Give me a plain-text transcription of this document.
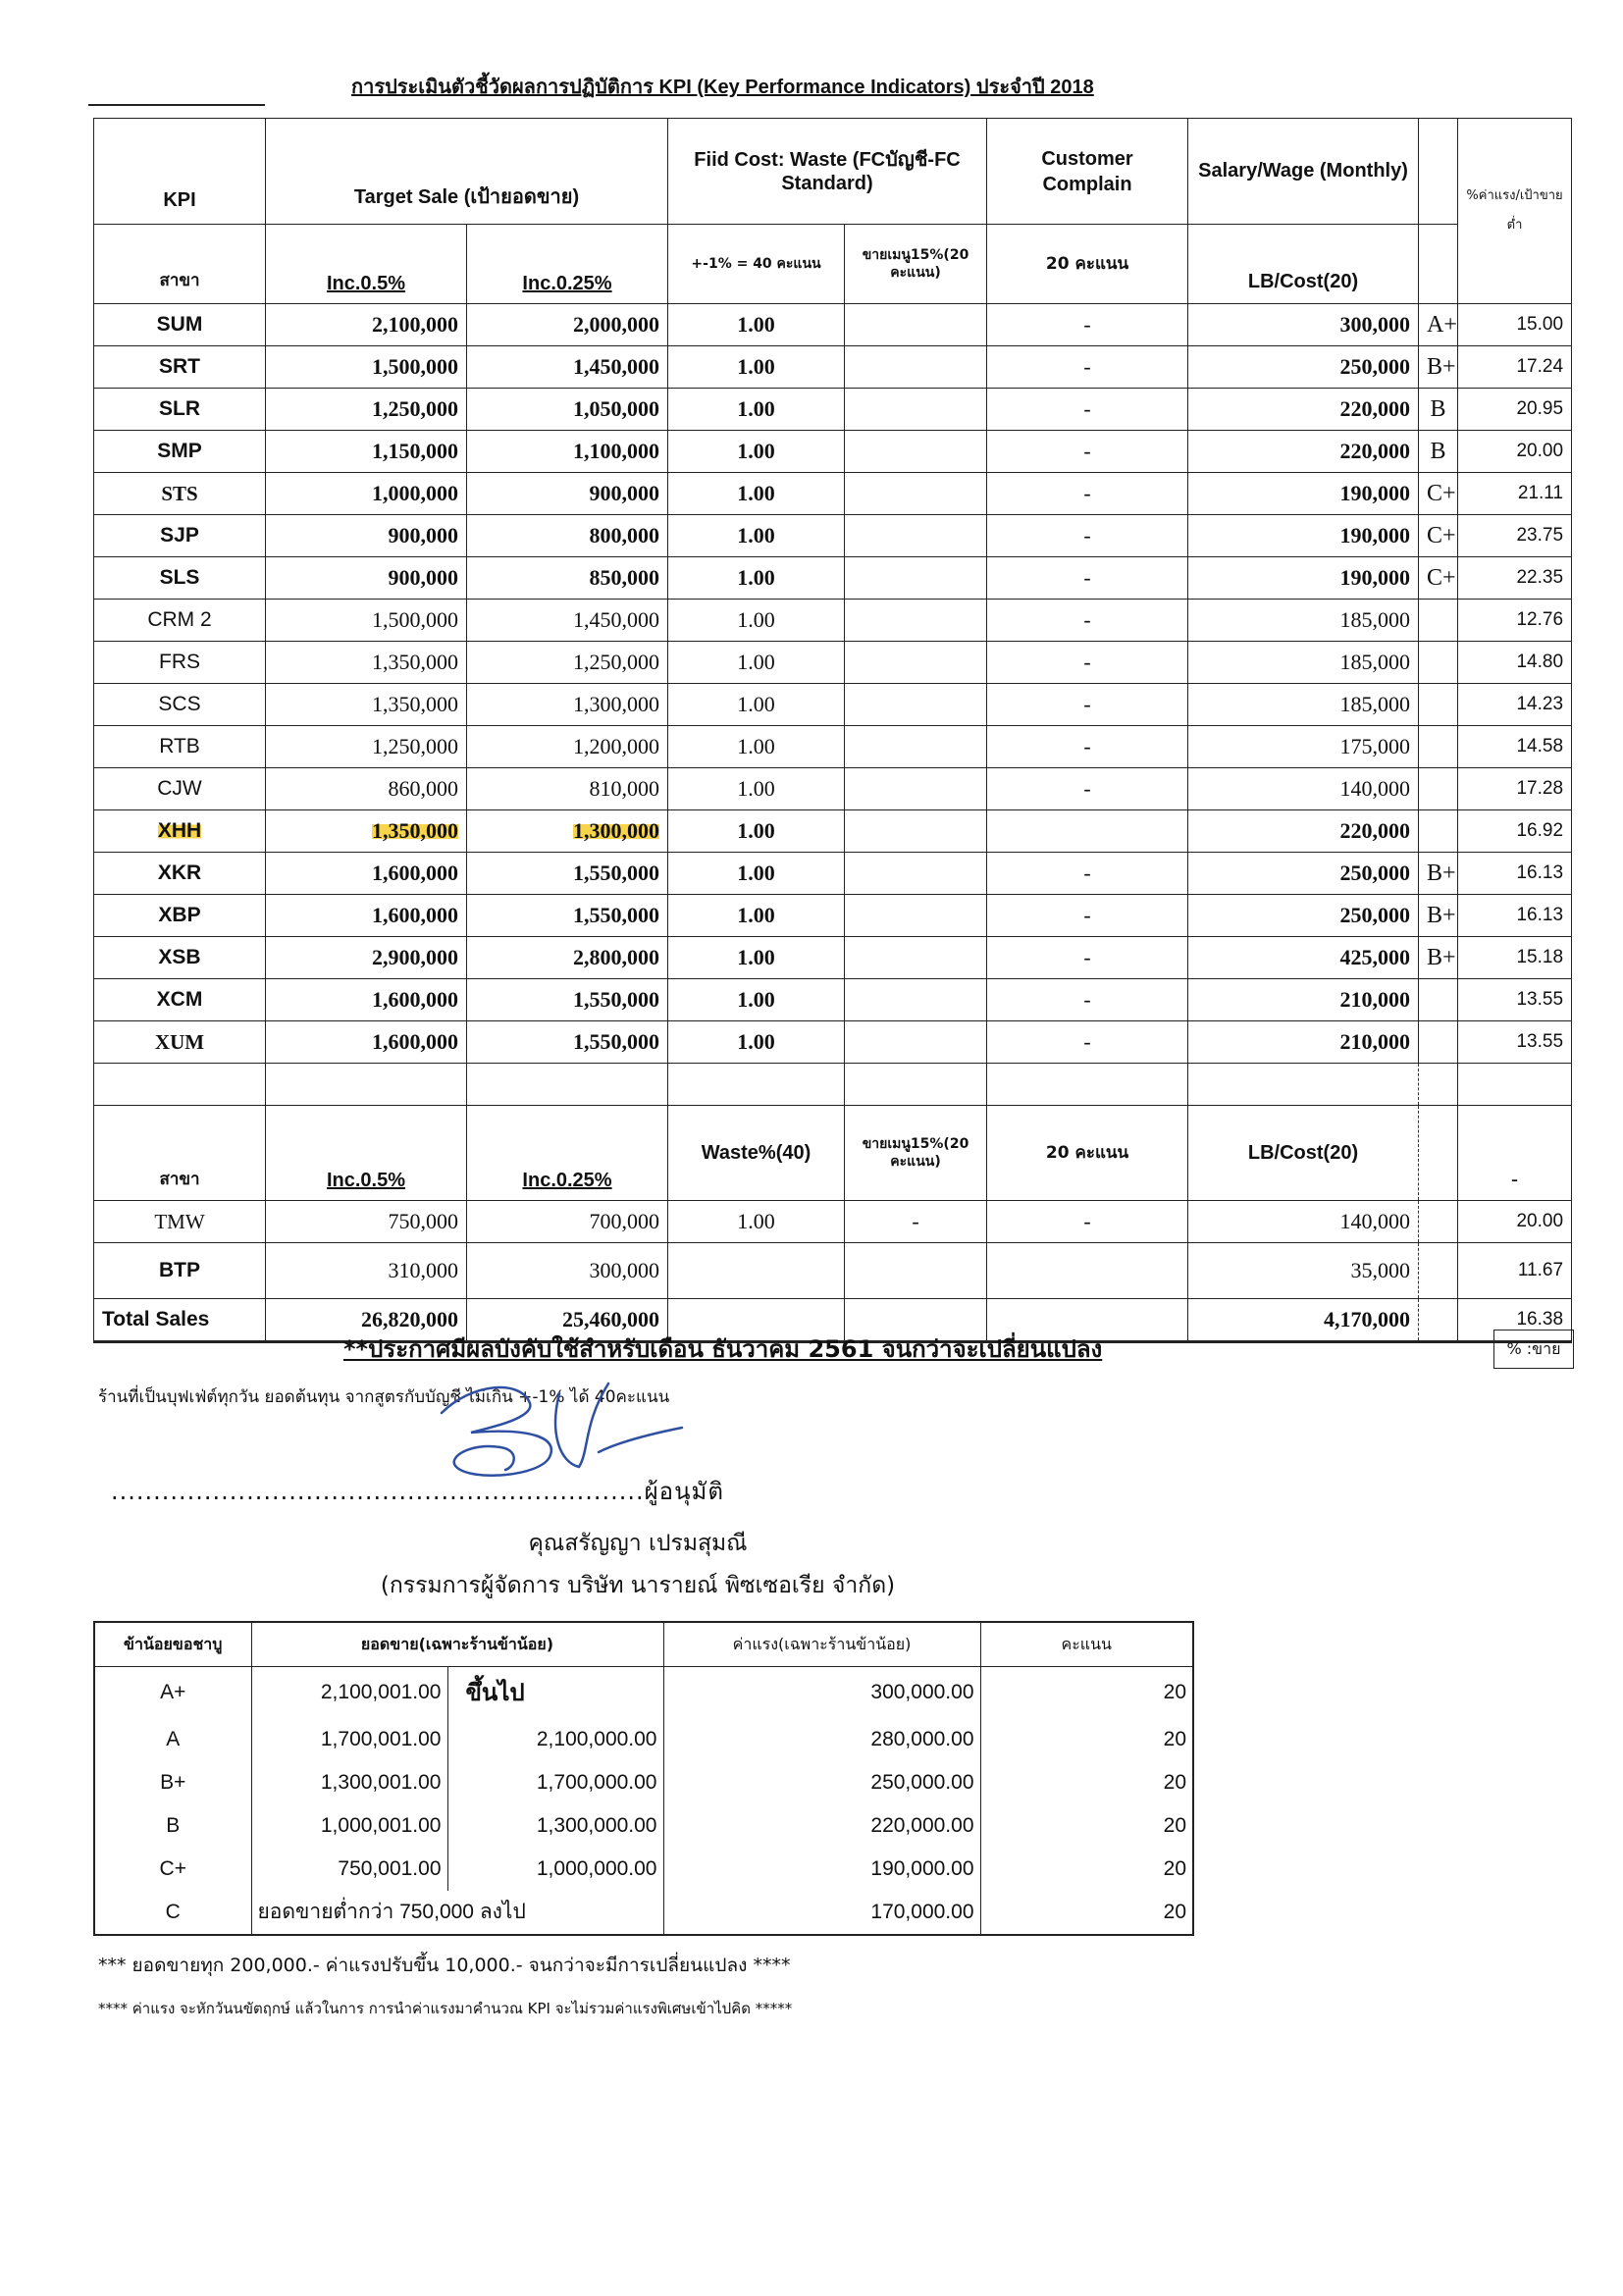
การประเมินตัวชี้วัดผลการปฏิบัติการ KPI (Key Performance Indicators) ประจำปี 2018
KPI	Target Sale (เป้ายอดขาย)		Fiid Cost: Waste (FCบัญชี-FC Standard)		Customer Complain	Salary/Wage (Monthly)		%ค่าแรง/เป้าขาย ต่ำ
สาขา	Inc.0.5%	Inc.0.25%	+-1% = 40 คะแนน	ขายเมนู15%(20 คะแนน)	20 คะแนน	LB/Cost(20)		
SUM	2,100,000	2,000,000	1.00		-	300,000	A+	15.00
SRT	1,500,000	1,450,000	1.00		-	250,000	B+	17.24
SLR	1,250,000	1,050,000	1.00		-	220,000	B	20.95
SMP	1,150,000	1,100,000	1.00		-	220,000	B	20.00
STS	1,000,000	900,000	1.00		-	190,000	C+	21.11
SJP	900,000	800,000	1.00		-	190,000	C+	23.75
SLS	900,000	850,000	1.00		-	190,000	C+	22.35
CRM 2	1,500,000	1,450,000	1.00		-	185,000		12.76
FRS	1,350,000	1,250,000	1.00		-	185,000		14.80
SCS	1,350,000	1,300,000	1.00		-	185,000		14.23
RTB	1,250,000	1,200,000	1.00		-	175,000		14.58
CJW	860,000	810,000	1.00		-	140,000		17.28
XHH	1,350,000	1,300,000	1.00			220,000		16.92
XKR	1,600,000	1,550,000	1.00		-	250,000	B+	16.13
XBP	1,600,000	1,550,000	1.00		-	250,000	B+	16.13
XSB	2,900,000	2,800,000	1.00		-	425,000	B+	15.18
XCM	1,600,000	1,550,000	1.00		-	210,000		13.55
XUM	1,600,000	1,550,000	1.00		-	210,000		13.55

สาขา	Inc.0.5%	Inc.0.25%	Waste%(40)	ขายเมนู15%(20 คะแนน)	20 คะแนน	LB/Cost(20)		-
TMW	750,000	700,000	1.00	-	-	140,000		20.00
BTP	310,000	300,000				35,000		11.67
Total Sales	26,820,000	25,460,000				4,170,000		16.38
% :ขาย
**ประกาศมีผลบังคับใช้สำหรับเดือน ธันวาคม 2561 จนกว่าจะเปลี่ยนแปลง
ร้านที่เป็นบุฟเฟ่ต์ทุกวัน ยอดต้นทุน จากสูตรกับบัญชี ไม่เกิน +-1% ได้ 40คะแนน
...............................................................ผู้อนุมัติ
คุณสรัญญา เปรมสุมณี
(กรรมการผู้จัดการ บริษัท นารายณ์ พิซเซอเรีย จำกัด)
ข้าน้อยขอชาบู	ยอดขาย(เฉพาะร้านข้าน้อย)		ค่าแรง(เฉพาะร้านข้าน้อย)	คะแนน
A+	2,100,001.00	ขึ้นไป	300,000.00	20
A	1,700,001.00	2,100,000.00	280,000.00	20
B+	1,300,001.00	1,700,000.00	250,000.00	20
B	1,000,001.00	1,300,000.00	220,000.00	20
C+	750,001.00	1,000,000.00	190,000.00	20
C	ยอดขายต่ำกว่า 750,000 ลงไป		170,000.00	20
*** ยอดขายทุก 200,000.- ค่าแรงปรับขึ้น 10,000.- จนกว่าจะมีการเปลี่ยนแปลง ****
**** ค่าแรง จะหักวันนขัตฤกษ์ แล้วในการ การนำค่าแรงมาคำนวณ KPI จะไม่รวมค่าแรงพิเศษเข้าไปคิด *****
